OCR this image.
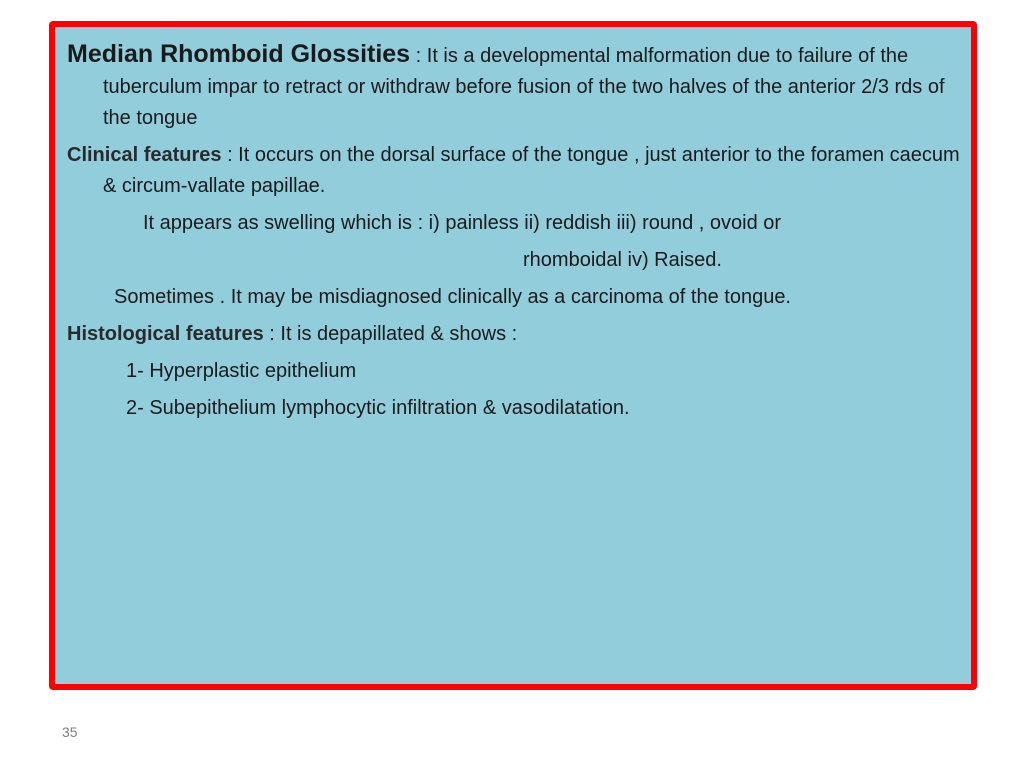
Median Rhomboid Glossities : It is a developmental malformation due to failure of the tuberculum impar to retract or withdraw before fusion of the two halves of the anterior 2/3 rds of the tongue

Clinical features : It occurs on the dorsal surface of the tongue , just anterior to the foramen caecum & circum-vallate papillae.

It appears as swelling which is : i) painless ii) reddish iii) round , ovoid or

rhomboidal iv) Raised.

Sometimes . It may be misdiagnosed clinically as a carcinoma of the tongue.

Histological features : It is depapillated & shows :

1- Hyperplastic epithelium

2- Subepithelium lymphocytic infiltration & vasodilatation.

35
